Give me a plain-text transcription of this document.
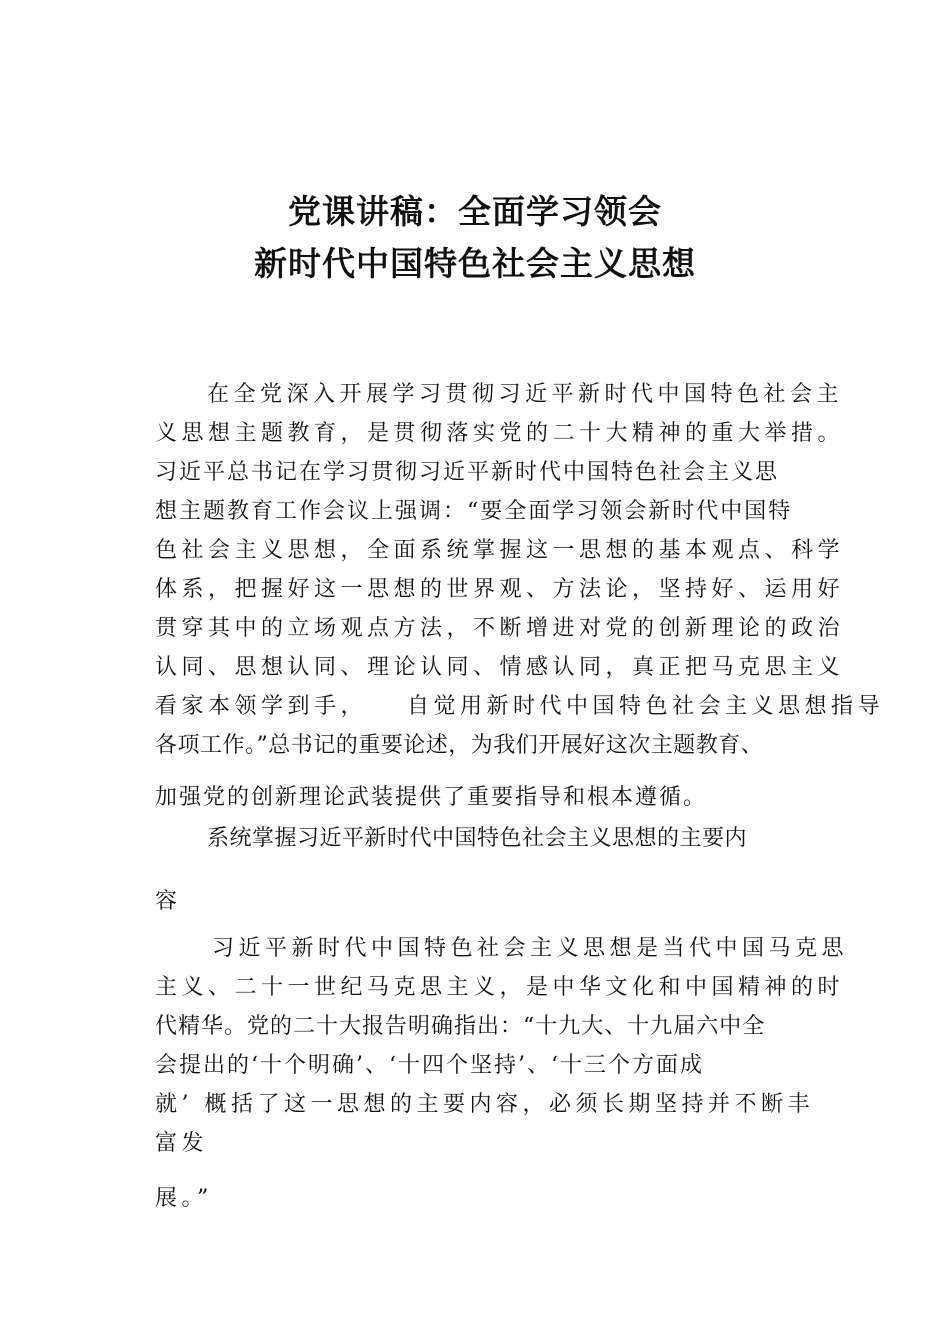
党课讲稿：全面学习领会
新时代中国特色社会主义思想

在全党深入开展学习贯彻习近平新时代中国特色社会主

义思想主题教育，是贯彻落实党的二十大精神的重大举措。

习近平总书记在学习贯彻习近平新时代中国特色社会主义思

想主题教育工作会议上强调：“要全面学习领会新时代中国特

色社会主义思想，全面系统掌握这一思想的基本观点、科学

体系，把握好这一思想的世界观、方法论，坚持好、运用好

贯穿其中的立场观点方法，不断增进对党的创新理论的政治

认同、思想认同、理论认同、情感认同，真正把马克思主义

看家本领学到手， 自觉用新时代中国特色社会主义思想指导

各项工作。”总书记的重要论述，为我们开展好这次主题教育、

加强党的创新理论武装提供了重要指导和根本遵循。

系统掌握习近平新时代中国特色社会主义思想的主要内

容

习近平新时代中国特色社会主义思想是当代中国马克思

主义、二十一世纪马克思主义，是中华文化和中国精神的时

代精华。党的二十大报告明确指出：“十九大、十九届六中全

会提出的‘十个明确’、‘十四个坚持’、‘十三个方面成

就’ 概括了这一思想的主要内容，必须长期坚持并不断丰

富发

展。”
